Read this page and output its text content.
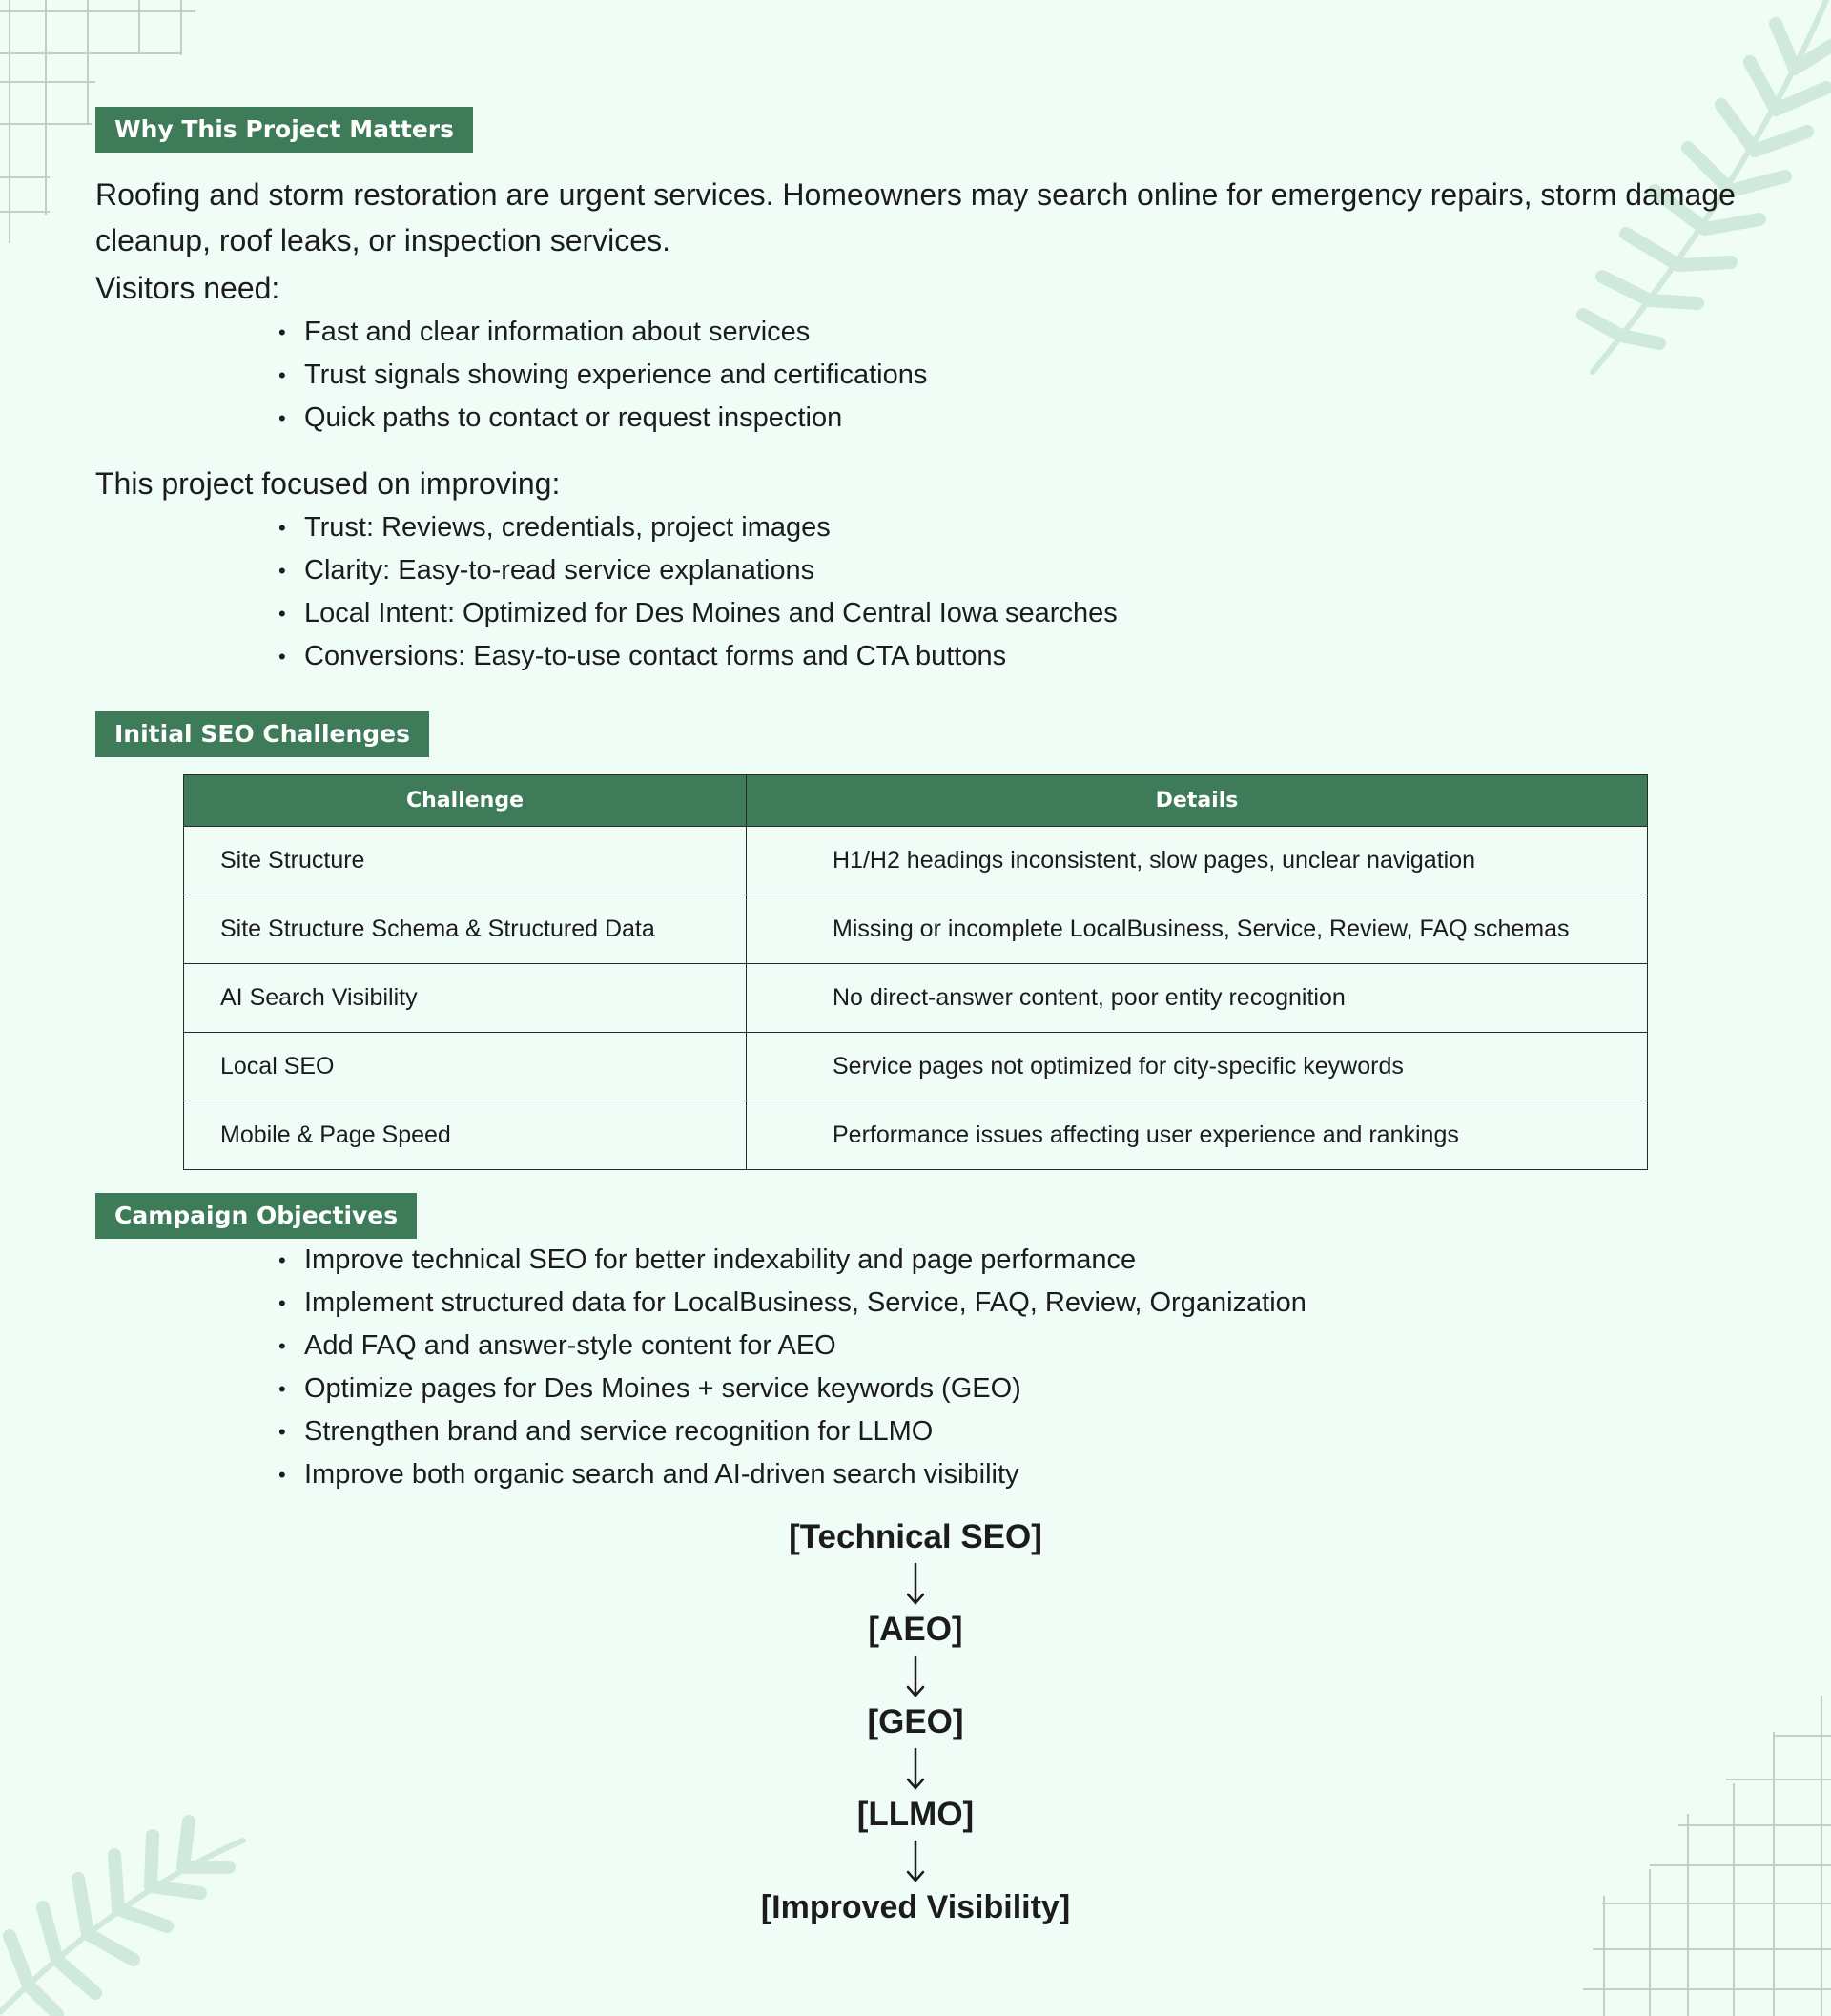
Why This Project Matters

Roofing and storm restoration are urgent services. Homeowners may search online for emergency repairs, storm damage cleanup, roof leaks, or inspection services.

Visitors need:

• Fast and clear information about services
• Trust signals showing experience and certifications
• Quick paths to contact or request inspection

This project focused on improving:

• Trust: Reviews, credentials, project images
• Clarity: Easy-to-read service explanations
• Local Intent: Optimized for Des Moines and Central Iowa searches
• Conversions: Easy-to-use contact forms and CTA buttons
Initial SEO Challenges
Challenge	Details
Site Structure	H1/H2 headings inconsistent, slow pages, unclear navigation
Site Structure Schema & Structured Data	Missing or incomplete LocalBusiness, Service, Review, FAQ schemas
AI Search Visibility	No direct-answer content, poor entity recognition
Local SEO	Service pages not optimized for city-specific keywords
Mobile & Page Speed	Performance issues affecting user experience and rankings
Campaign Objectives
• Improve technical SEO for better indexability and page performance
• Implement structured data for LocalBusiness, Service, FAQ, Review, Organization
• Add FAQ and answer-style content for AEO
• Optimize pages for Des Moines + service keywords (GEO)
• Strengthen brand and service recognition for LLMO
• Improve both organic search and AI-driven search visibility
[Technical SEO]
[AEO]
[GEO]
[LLMO]
[Improved Visibility]
